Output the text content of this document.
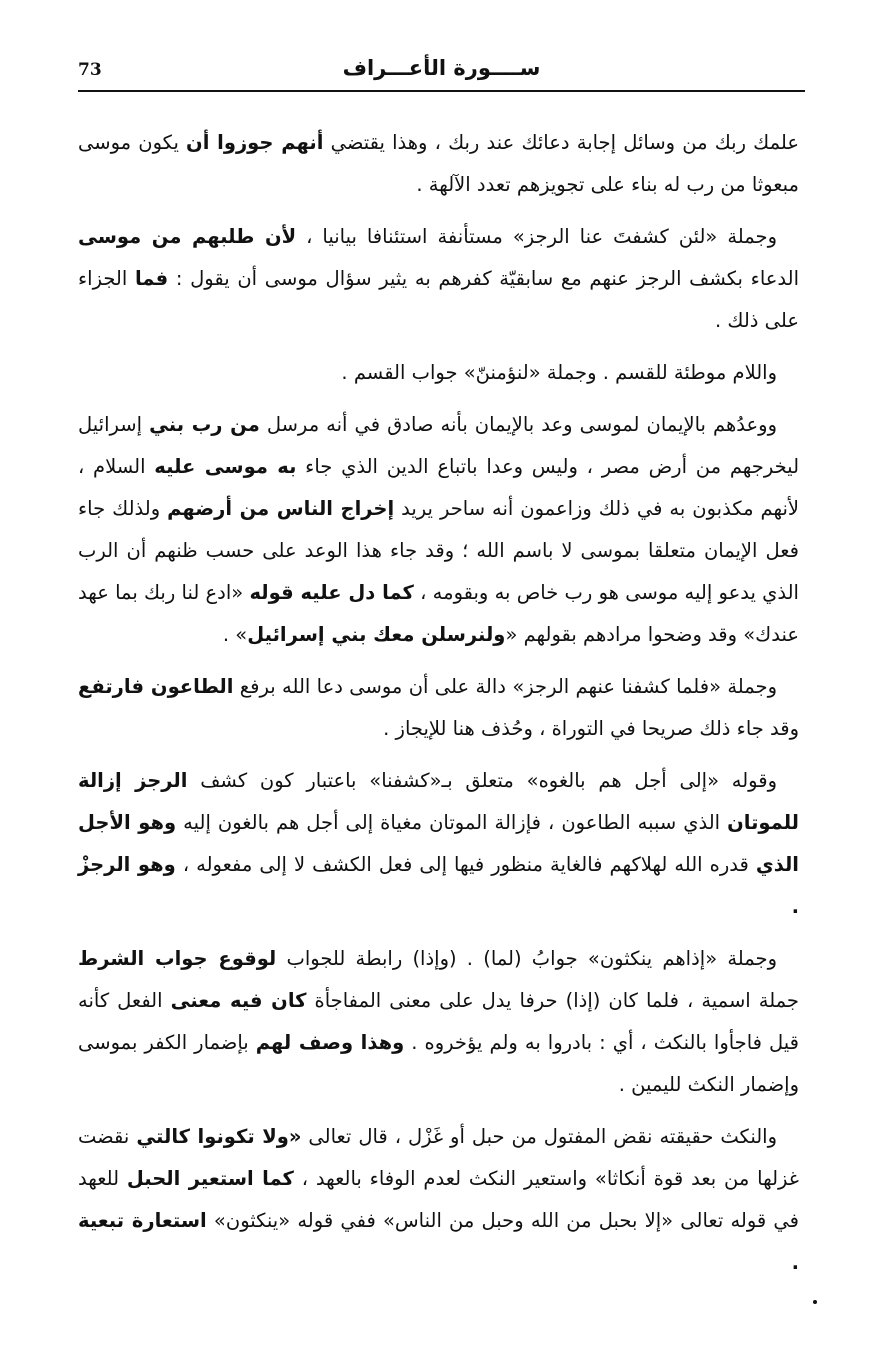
73	ســــورة الأعـــراف

علمك ربك من وسائل إجابة دعائك عند ربك ، وهذا يقتضي أنهم جوزوا أن يكون موسى مبعوثا من رب له بناء على تجويزهم تعدد الآلهة .

وجملة «لئن كشفتَ عنا الرجز» مستأنفة استئنافا بيانيا ، لأن طلبهم من موسى الدعاء بكشف الرجز عنهم مع سابقيّة كفرهم به يثير سؤال موسى أن يقول : فما الجزاء على ذلك .

واللام موطئة للقسم . وجملة «لنؤمننّ» جواب القسم .

ووعدُهم بالإيمان لموسى وعد بالإيمان بأنه صادق في أنه مرسل من رب بني إسرائيل ليخرجهم من أرض مصر ، وليس وعدا باتباع الدين الذي جاء به موسى عليه السلام ، لأنهم مكذبون به في ذلك وزاعمون أنه ساحر يريد إخراج الناس من أرضهم ولذلك جاء فعل الإيمان متعلقا بموسى لا باسم الله ؛ وقد جاء هذا الوعد على حسب ظنهم أن الرب الذي يدعو إليه موسى هو رب خاص به وبقومه ، كما دل عليه قوله «ادع لنا ربك بما عهد عندك» وقد وضحوا مرادهم بقولهم «ولنرسلن معك بني إسرائيل» .

وجملة «فلما كشفنا عنهم الرجز» دالة على أن موسى دعا الله برفع الطاعون فارتفع وقد جاء ذلك صريحا في التوراة ، وحُذف هنا للإيجاز .

وقوله «إلى أجل هم بالغوه» متعلق بـ«كشفنا» باعتبار كون كشف الرجز إزالة للموتان الذي سببه الطاعون ، فإزالة الموتان مغياة إلى أجل هم بالغون إليه وهو الأجل الذي قدره الله لهلاكهم فالغاية منظور فيها إلى فعل الكشف لا إلى مفعوله ، وهو الرجزْ .

وجملة «إذاهم ينكثون» جوابُ (لما) . (وإذا) رابطة للجواب لوقوع جواب الشرط جملة اسمية ، فلما كان (إذا) حرفا يدل على معنى المفاجأة كان فيه معنى الفعل كأنه قيل فاجأوا بالنكث ، أي : بادروا به ولم يؤخروه . وهذا وصف لهم بإضمار الكفر بموسى وإضمار النكث لليمين .

والنكث حقيقته نقض المفتول من حبل أو غَزْل ، قال تعالى «ولا تكونوا كالتي نقضت غزلها من بعد قوة أنكاثا» واستعير النكث لعدم الوفاء بالعهد ، كما استعير الحبل للعهد في قوله تعالى «إلا بحبل من الله وحبل من الناس» ففي قوله «ينكثون» استعارة تبعية .
